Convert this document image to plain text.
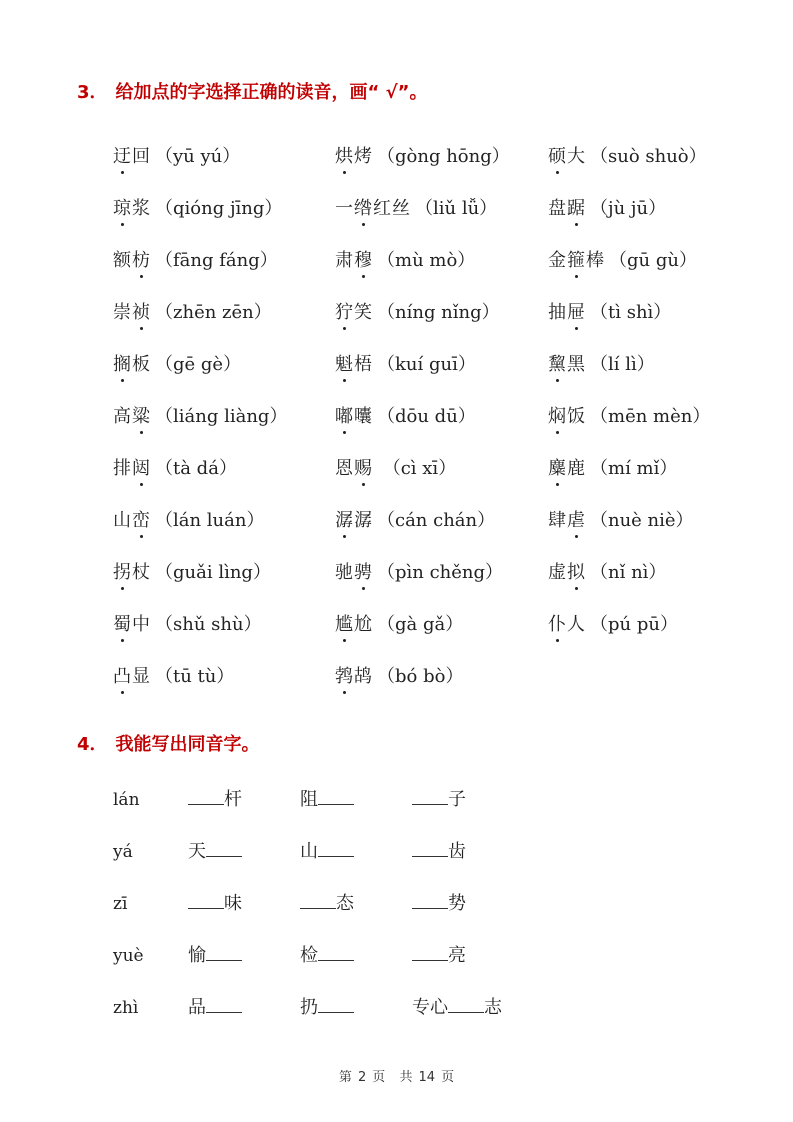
3． 给加点的字选择正确的读音，画“ √”。
迂回 （yū yú）	烘烤 （gòng hōng） 硕大 （suò shuò）
琼浆 （qióng jīng）	一绺红丝 （liǔ lǚ）	盘踞 （jù jū）
额枋 （fāng fáng）	肃穆 （mù mò）	金箍棒 （gū gù）
崇祯 （zhēn zēn）	狞笑 （níng nǐng）	抽屉 （tì shì）
搁板 （gē gè）	魁梧 （kuí guī）	黧黑 （lí lì）
高粱 （liáng liàng）	嘟囔 （dōu dū）	焖饭 （mēn mèn）
排闼 （tà dá）	恩赐 （cì xī）	麋鹿 （mí mǐ）
山峦 （lán luán）	潺潺 （cán chán）	肆虐 （nuè niè）
拐杖 （guǎi lìng）	驰骋 （pìn chěng） 虚拟 （nǐ nì）
蜀中 （shǔ shù）	尴尬 （gà gǎ）	仆人 （pú pū）
凸显 （tū tù）	鹁鸪 （bó bò）
4． 我能写出同音字。
lán	杆	阻	子
yá	天	山	齿
zī	味	态	势
yuè 愉	检	亮
zhì	品	扔	专心 志
第 2 页 共 14 页
